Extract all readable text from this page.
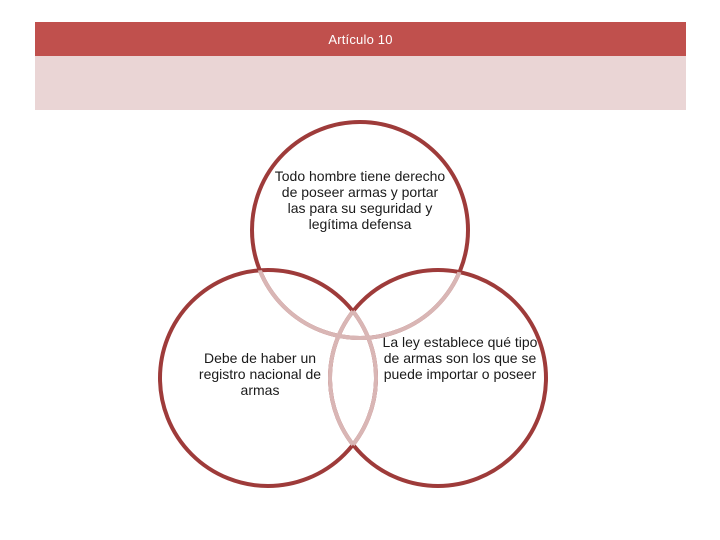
Artículo 10
Todo hombre tiene derecho de poseer armas y portar las para su seguridad y legítima defensa
Debe de haber un registro nacional de armas
La ley establece qué tipo de armas son los que se puede importar o poseer
